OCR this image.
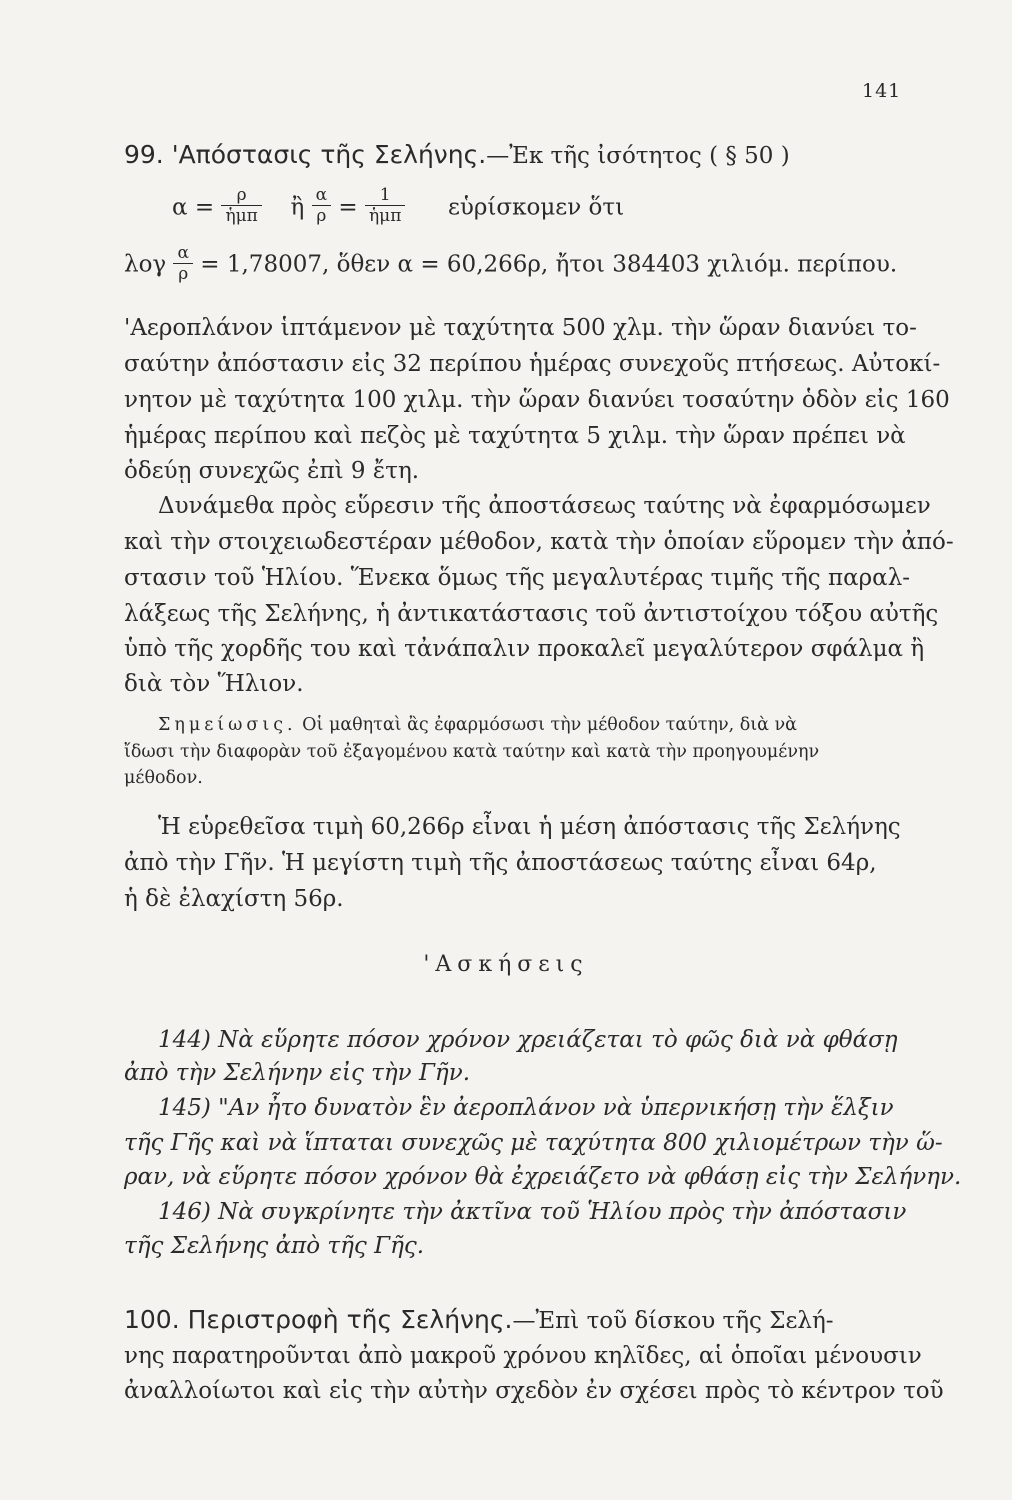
141
99. 'Απόστασις τῆς Σελήνης.—Ἐκ τῆς ἰσότητος ( § 50 )
$\alpha = \frac{\rho}{\text{ἡμπ}}$ ἢ $\frac{\alpha}{\rho} = \frac{1}{\text{ἡμπ}}$ εὑρίσκομεν ὅτι
λογ $\frac{\alpha}{\rho} = 1,78007$, ὅθεν α = 60,266ρ, ἤτοι 384403 χιλιόμ. περίπου.
'Αεροπλάνον ἱπτάμενον μὲ ταχύτητα 500 χλμ. τὴν ὥραν διανύει το-
σαύτην ἀπόστασιν εἰς 32 περίπου ἡμέρας συνεχοῦς πτήσεως. Αὐτοκί-
νητον μὲ ταχύτητα 100 χιλμ. τὴν ὥραν διανύει τοσαύτην ὁδὸν εἰς 160
ἡμέρας περίπου καὶ πεζὸς μὲ ταχύτητα 5 χιλμ. τὴν ὥραν πρέπει νὰ
ὁδεύῃ συνεχῶς ἐπὶ 9 ἔτη.
Δυνάμεθα πρὸς εὕρεσιν τῆς ἀποστάσεως ταύτης νὰ ἐφαρμόσωμεν
καὶ τὴν στοιχειωδεστέραν μέθοδον, κατὰ τὴν ὁποίαν εὕρομεν τὴν ἀπό-
στασιν τοῦ Ἡλίου. Ἕνεκα ὅμως τῆς μεγαλυτέρας τιμῆς τῆς παραλ-
λάξεως τῆς Σελήνης, ἡ ἀντικατάστασις τοῦ ἀντιστοίχου τόξου αὐτῆς
ὑπὸ τῆς χορδῆς του καὶ τἀνάπαλιν προκαλεῖ μεγαλύτερον σφάλμα ἢ
διὰ τὸν Ἥλιον.
Σημείωσις. Οἱ μαθηταὶ ἂς ἐφαρμόσωσι τὴν μέθοδον ταύτην, διὰ νὰ
ἴδωσι τὴν διαφορὰν τοῦ ἐξαγομένου κατὰ ταύτην καὶ κατὰ τὴν προηγουμένην
μέθοδον.
Ἡ εὑρεθεῖσα τιμὴ 60,266ρ εἶναι ἡ μέση ἀπόστασις τῆς Σελήνης
ἀπὸ τὴν Γῆν. Ἡ μεγίστη τιμὴ τῆς ἀποστάσεως ταύτης εἶναι 64ρ,
ἡ δὲ ἐλαχίστη 56ρ.
'Ασκήσεις
144) Νὰ εὕρητε πόσον χρόνον χρειάζεται τὸ φῶς διὰ νὰ φθάσῃ
ἀπὸ τὴν Σελήνην εἰς τὴν Γῆν.
145) "Αν ἦτο δυνατὸν ἓν ἀεροπλάνον νὰ ὑπερνικήσῃ τὴν ἕλξιν
τῆς Γῆς καὶ νὰ ἵπταται συνεχῶς μὲ ταχύτητα 800 χιλιομέτρων τὴν ὥ-
ραν, νὰ εὕρητε πόσον χρόνον θὰ ἐχρειάζετο νὰ φθάσῃ εἰς τὴν Σελήνην.
146) Νὰ συγκρίνητε τὴν ἀκτῖνα τοῦ Ἡλίου πρὸς τὴν ἀπόστασιν
τῆς Σελήνης ἀπὸ τῆς Γῆς.
100. Περιστροφὴ τῆς Σελήνης.—Ἐπὶ τοῦ δίσκου τῆς Σελή-
νης παρατηροῦνται ἀπὸ μακροῦ χρόνου κηλῖδες, αἱ ὁποῖαι μένουσιν
ἀναλλοίωτοι καὶ εἰς τὴν αὐτὴν σχεδὸν ἐν σχέσει πρὸς τὸ κέντρον τοῦ
